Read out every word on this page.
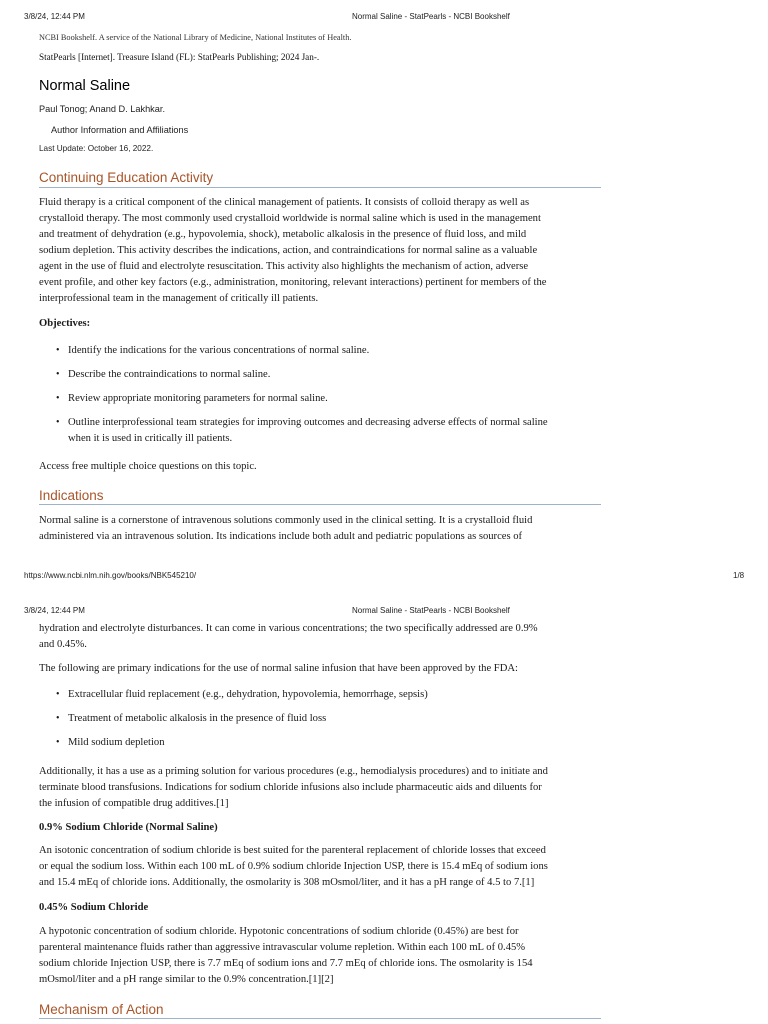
3/8/24, 12:44 PM	Normal Saline - StatPearls - NCBI Bookshelf
NCBI Bookshelf. A service of the National Library of Medicine, National Institutes of Health.
StatPearls [Internet]. Treasure Island (FL): StatPearls Publishing; 2024 Jan-.
Normal Saline
Paul Tonog; Anand D. Lakhkar.
Author Information and Affiliations
Last Update: October 16, 2022.
Continuing Education Activity
Fluid therapy is a critical component of the clinical management of patients. It consists of colloid therapy as well as
crystalloid therapy. The most commonly used crystalloid worldwide is normal saline which is used in the management
and treatment of dehydration (e.g., hypovolemia, shock), metabolic alkalosis in the presence of fluid loss, and mild
sodium depletion. This activity describes the indications, action, and contraindications for normal saline as a valuable
agent in the use of fluid and electrolyte resuscitation. This activity also highlights the mechanism of action, adverse
event profile, and other key factors (e.g., administration, monitoring, relevant interactions) pertinent for members of the
interprofessional team in the management of critically ill patients.
Objectives:
• Identify the indications for the various concentrations of normal saline.
• Describe the contraindications to normal saline.
• Review appropriate monitoring parameters for normal saline.
• Outline interprofessional team strategies for improving outcomes and decreasing adverse effects of normal saline
when it is used in critically ill patients.
Access free multiple choice questions on this topic.
Indications
Normal saline is a cornerstone of intravenous solutions commonly used in the clinical setting. It is a crystalloid fluid
administered via an intravenous solution. Its indications include both adult and pediatric populations as sources of
https://www.ncbi.nlm.nih.gov/books/NBK545210/	1/8
3/8/24, 12:44 PM	Normal Saline - StatPearls - NCBI Bookshelf
hydration and electrolyte disturbances. It can come in various concentrations; the two specifically addressed are 0.9%
and 0.45%.
The following are primary indications for the use of normal saline infusion that have been approved by the FDA:
• Extracellular fluid replacement (e.g., dehydration, hypovolemia, hemorrhage, sepsis)
• Treatment of metabolic alkalosis in the presence of fluid loss
• Mild sodium depletion
Additionally, it has a use as a priming solution for various procedures (e.g., hemodialysis procedures) and to initiate and
terminate blood transfusions. Indications for sodium chloride infusions also include pharmaceutic aids and diluents for
the infusion of compatible drug additives.[1]
0.9% Sodium Chloride (Normal Saline)
An isotonic concentration of sodium chloride is best suited for the parenteral replacement of chloride losses that exceed
or equal the sodium loss. Within each 100 mL of 0.9% sodium chloride Injection USP, there is 15.4 mEq of sodium ions
and 15.4 mEq of chloride ions. Additionally, the osmolarity is 308 mOsmol/liter, and it has a pH range of 4.5 to 7.[1]
0.45% Sodium Chloride
A hypotonic concentration of sodium chloride. Hypotonic concentrations of sodium chloride (0.45%) are best for
parenteral maintenance fluids rather than aggressive intravascular volume repletion. Within each 100 mL of 0.45%
sodium chloride Injection USP, there is 7.7 mEq of sodium ions and 7.7 mEq of chloride ions. The osmolarity is 154
mOsmol/liter and a pH range similar to the 0.9% concentration.[1][2]
Mechanism of Action
